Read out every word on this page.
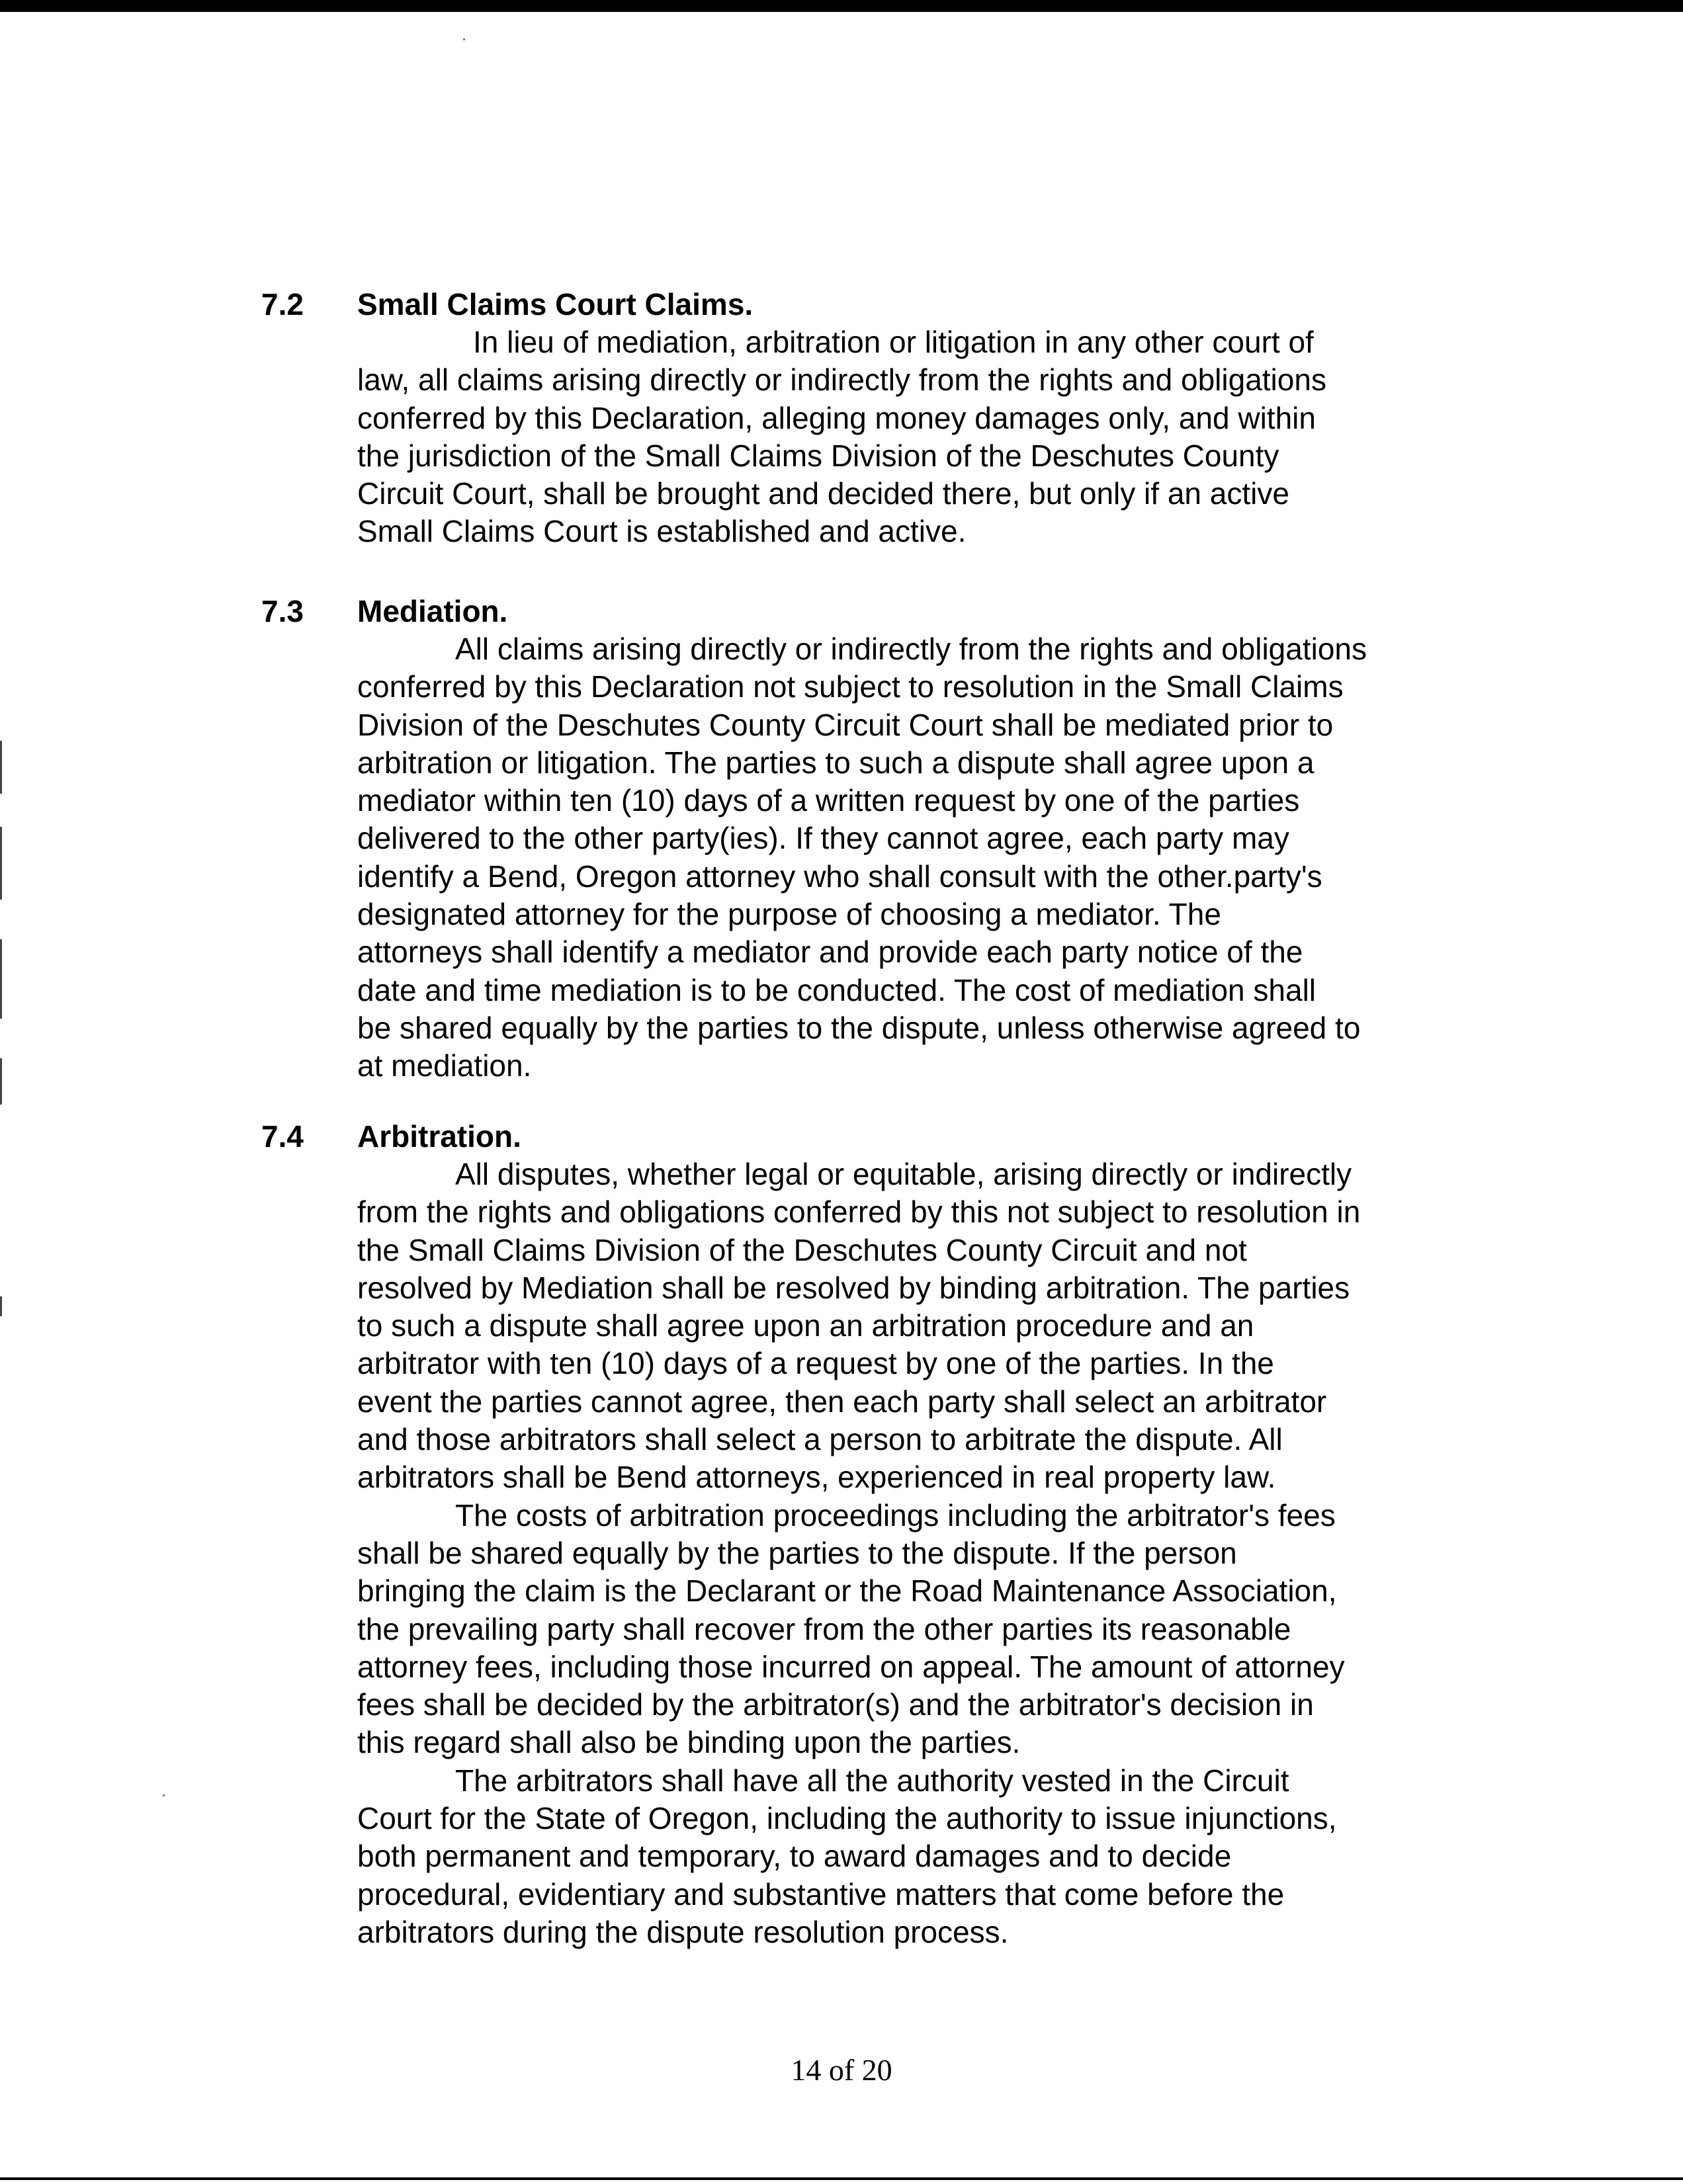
7.2 Small Claims Court Claims.
In lieu of mediation, arbitration or litigation in any other court of
law, all claims arising directly or indirectly from the rights and obligations
conferred by this Declaration, alleging money damages only, and within
the jurisdiction of the Small Claims Division of the Deschutes County
Circuit Court, shall be brought and decided there, but only if an active
Small Claims Court is established and active.
7.3 Mediation.
All claims arising directly or indirectly from the rights and obligations
conferred by this Declaration not subject to resolution in the Small Claims
Division of the Deschutes County Circuit Court shall be mediated prior to
arbitration or litigation. The parties to such a dispute shall agree upon a
mediator within ten (10) days of a written request by one of the parties
delivered to the other party(ies). If they cannot agree, each party may
identify a Bend, Oregon attorney who shall consult with the other.party's
designated attorney for the purpose of choosing a mediator. The
attorneys shall identify a mediator and provide each party notice of the
date and time mediation is to be conducted. The cost of mediation shall
be shared equally by the parties to the dispute, unless otherwise agreed to
at mediation.
7.4 Arbitration.
All disputes, whether legal or equitable, arising directly or indirectly
from the rights and obligations conferred by this not subject to resolution in
the Small Claims Division of the Deschutes County Circuit and not
resolved by Mediation shall be resolved by binding arbitration. The parties
to such a dispute shall agree upon an arbitration procedure and an
arbitrator with ten (10) days of a request by one of the parties. In the
event the parties cannot agree, then each party shall select an arbitrator
and those arbitrators shall select a person to arbitrate the dispute. All
arbitrators shall be Bend attorneys, experienced in real property law.
The costs of arbitration proceedings including the arbitrator's fees
shall be shared equally by the parties to the dispute. If the person
bringing the claim is the Declarant or the Road Maintenance Association,
the prevailing party shall recover from the other parties its reasonable
attorney fees, including those incurred on appeal. The amount of attorney
fees shall be decided by the arbitrator(s) and the arbitrator's decision in
this regard shall also be binding upon the parties.
The arbitrators shall have all the authority vested in the Circuit
Court for the State of Oregon, including the authority to issue injunctions,
both permanent and temporary, to award damages and to decide
procedural, evidentiary and substantive matters that come before the
arbitrators during the dispute resolution process.
14 of 20
